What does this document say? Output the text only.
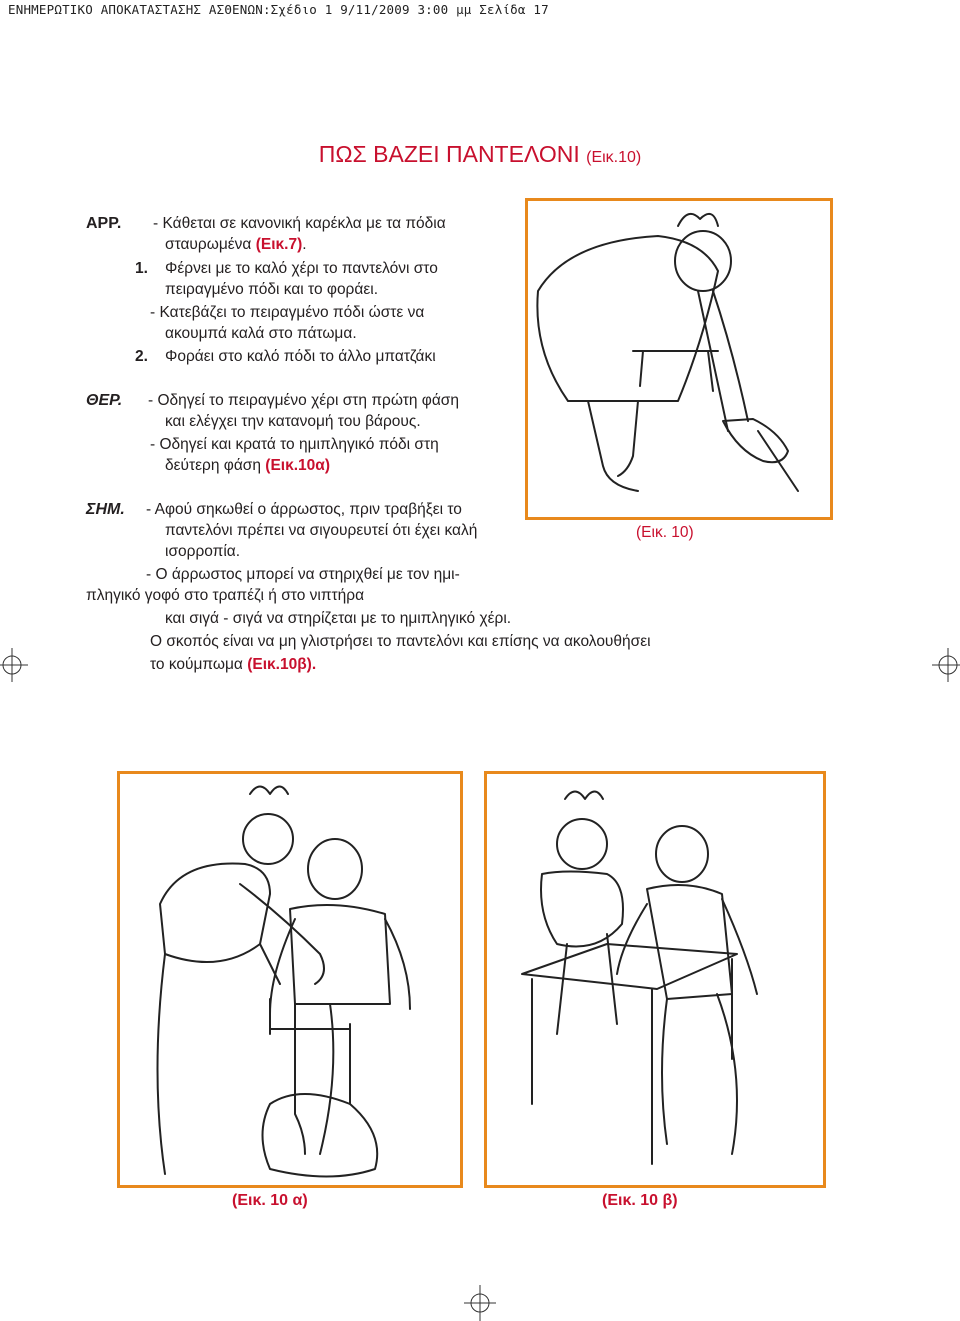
ΕΝΗΜΕΡΩΤΙΚΟ ΑΠΟΚΑΤΑΣΤΑΣΗΣ ΑΣΘΕΝΩΝ:Σχέδιο 1 9/11/2009 3:00 μμ Σελίδα 17
ΠΩΣ ΒΑΖΕΙ ΠΑΝΤΕΛΟΝΙ (Εικ.10)
ΑΡΡ. - Κάθεται σε κανονική καρέκλα με τα πόδια
σταυρωμένα (Εικ.7).
1. Φέρνει με το καλό χέρι το παντελόνι στο
πειραγμένο πόδι και το φοράει.
- Κατεβάζει το πειραγμένο πόδι ώστε να
ακουμπά καλά στο πάτωμα.
2. Φοράει στο καλό πόδι το άλλο μπατζάκι
ΘΕΡ. - Οδηγεί το πειραγμένο χέρι στη πρώτη φάση
και ελέγχει την κατανομή του βάρους.
- Οδηγεί και κρατά το ημιπληγικό πόδι στη
δεύτερη φάση (Εικ.10α)
ΣΗΜ. - Αφού σηκωθεί ο άρρωστος, πριν τραβήξει το
παντελόνι πρέπει να σιγουρευτεί ότι έχει καλή
ισορροπία.
- Ο άρρωστος μπορεί να στηριχθεί με τον ημι-
πληγικό γοφό στο τραπέζι ή στο νιπτήρα
και σιγά - σιγά να στηρίζεται με το ημιπληγικό χέρι.
Ο σκοπός είναι να μη γλιστρήσει το παντελόνι και επίσης να ακολουθήσει
το κούμπωμα (Εικ.10β).
(Εικ. 10)
(Εικ. 10 α)	(Εικ. 10 β)
